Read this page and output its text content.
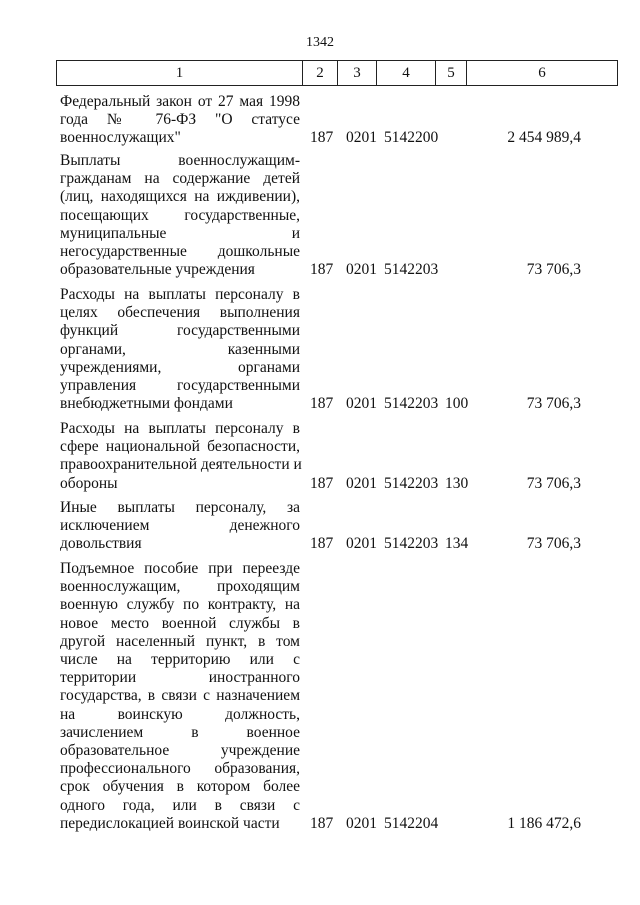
1342
1	2	3	4	5	6
Федеральный закон от 27 мая 1998
года № 76-ФЗ "О статусе
военнослужащих"	187 0201 5142200	2 454 989,4
Выплаты военнослужащим-
гражданам на содержание детей
(лиц, находящихся на иждивении),
посещающих государственные,
муниципальные и
негосударственные дошкольные
образовательные учреждения	187 0201 5142203	73 706,3
Расходы на выплаты персоналу в
целях обеспечения выполнения
функций государственными
органами, казенными
учреждениями, органами
управления государственными
внебюджетными фондами	187 0201 5142203 100	73 706,3
Расходы на выплаты персоналу в
сфере национальной безопасности,
правоохранительной деятельности и
обороны	187 0201 5142203 130	73 706,3
Иные выплаты персоналу, за
исключением денежного
довольствия	187 0201 5142203 134	73 706,3
Подъемное пособие при переезде
военнослужащим, проходящим
военную службу по контракту, на
новое место военной службы в
другой населенный пункт, в том
числе на территорию или с
территории иностранного
государства, в связи с назначением
на воинскую должность,
зачислением в военное
образовательное учреждение
профессионального образования,
срок обучения в котором более
одного года, или в связи с
передислокацией воинской части	187 0201 5142204	1 186 472,6
